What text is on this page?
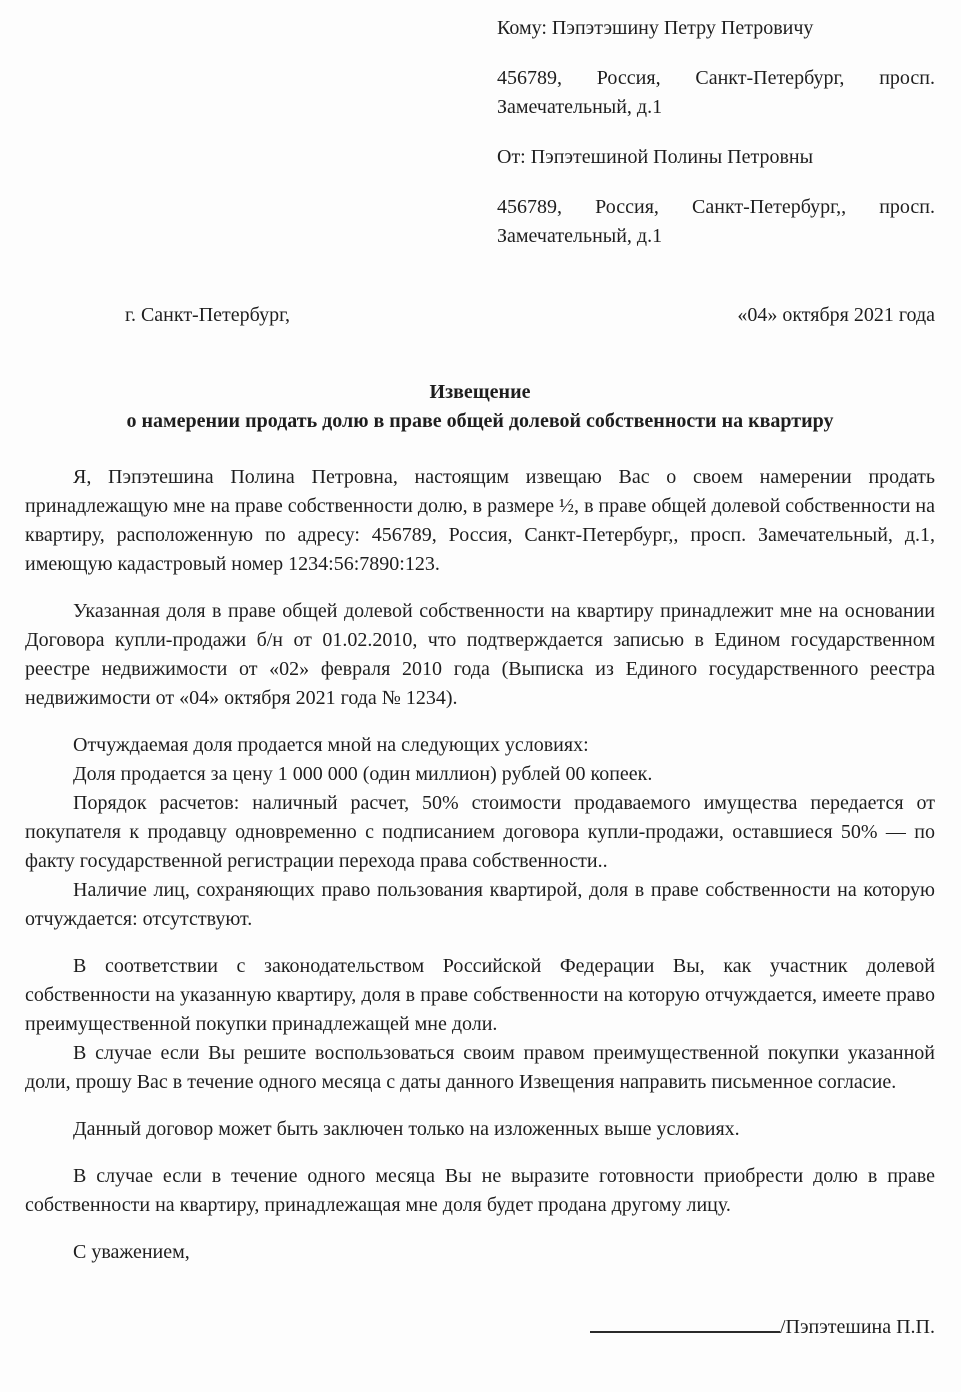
Кому: Пэпэтэшину Петру Петровичу

456789, Россия, Санкт-Петербург, просп. Замечательный, д.1

От: Пэпэтешиной Полины Петровны

456789, Россия, Санкт-Петербург,, просп. Замечательный, д.1

г. Санкт-Петербург,	«04» октября 2021 года
Извещение
о намерении продать долю в праве общей долевой собственности на квартиру

Я, Пэпэтешина Полина Петровна, настоящим извещаю Вас о своем намерении продать принадлежащую мне на праве собственности долю, в размере ½, в праве общей долевой собственности на квартиру, расположенную по адресу: 456789, Россия, Санкт-Петербург,, просп. Замечательный, д.1, имеющую кадастровый номер 1234:56:7890:123.

Указанная доля в праве общей долевой собственности на квартиру принадлежит мне на основании Договора купли-продажи б/н от 01.02.2010, что подтверждается записью в Едином государственном реестре недвижимости от «02» февраля 2010 года (Выписка из Единого государственного реестра недвижимости от «04» октября 2021 года № 1234).

Отчуждаемая доля продается мной на следующих условиях:

Доля продается за цену 1 000 000 (один миллион) рублей 00 копеек.

Порядок расчетов: наличный расчет, 50% стоимости продаваемого имущества передается от покупателя к продавцу одновременно с подписанием договора купли-продажи, оставшиеся 50% — по факту государственной регистрации перехода права собственности..

Наличие лиц, сохраняющих право пользования квартирой, доля в праве собственности на которую отчуждается: отсутствуют.

В соответствии с законодательством Российской Федерации Вы, как участник долевой собственности на указанную квартиру, доля в праве собственности на которую отчуждается, имеете право преимущественной покупки принадлежащей мне доли.

В случае если Вы решите воспользоваться своим правом преимущественной покупки указанной доли, прошу Вас в течение одного месяца с даты данного Извещения направить письменное согласие.

Данный договор может быть заключен только на изложенных выше условиях.

В случае если в течение одного месяца Вы не выразите готовности приобрести долю в праве собственности на квартиру, принадлежащая мне доля будет продана другому лицу.

С уважением,

/Пэпэтешина П.П.
